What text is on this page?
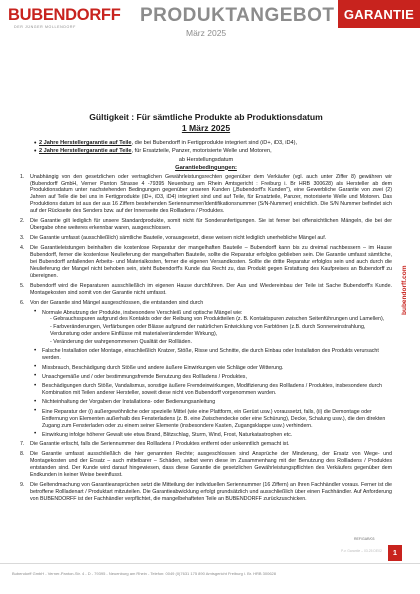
BUBENDORFF
DER JÜNGER MOLLENDORF
PRODUKTANGEBOT
März 2025
GARANTIE
bubendorff.com
Gültigkeit : Für sämtliche Produkte ab Produktionsdatum
1 März 2025
• 2 Jahre Herstellergarantie auf Teile, die bei Bubendorff in Fertigprodukte integriert sind (iD+, iD3, iD4),
• 2 Jahre Herstellergarantie auf Teile, für Ersatzteile, Panzer, motorisierte Welle und Motoren,
ab Herstellungsdatum
Garantiebedingungen:
1.	Unabhängig von den gesetzlichen oder vertraglichen Gewährleistungsrechten gegenüber dem Verkäufer (vgl. auch unter Ziffer 8) gewähren wir (Bubendorff GmbH, Verner Panton Strasse 4 -79395 Neuenburg am Rhein Amtsgericht : Freiburg i. Br HRB 300628) als Hersteller ab dem Produktionsdatum unter nachstehenden Bedingungen gegenüber unseren Kunden („Bubendorff's Kunden"), eine Gewerbliche Garantie von zwei (2) Jahren auf Teile die bei uns in Fertigprodukte (iD+, iD3, iD4) integriert sind und auf Teile, für Ersatzteile, Panzer, motorisierte Welle und Motoren. Das Produktions datum ist aus der aus 16 Ziffern bestehenden Seriennummer/Identifikationsnummer (S/N-Nummer) ersichtlich. Die S/N Nummer befindet sich auf der Rückseite des Senders bzw. auf der Innenseite des Rollladens / Produktes.
2.	Die Garantie gilt lediglich für unsere Standardprodukte, somit nicht für Sonderanfertigungen. Sie ist ferner bei offensichtlichen Mängeln, die bei der Übergabe ohne weiteres erkennbar waren, ausgeschlossen.
3.	Die Garantie umfasst (ausschließlich) sämtliche Bauteile, vorausgesetzt, diese weisen nicht lediglich unerhebliche Mängel auf.
4.	Die Garantieleistungen beinhalten die kostenlose Reparatur der mangelhaften Bauteile – Bubendorff kann bis zu dreimal nachbessern – im Hause Bubendorff, ferner die kostenlose Neulieferung der mangelhaften Bauteile, sollte die Reparatur erfolglos geblieben sein. Die Garantie umfasst sämtliche, bei Bubendorff anfallenden Arbeits- und Materialkosten, ferner die eigenen Versandkosten. Sollte die dritte Reparatur erfolglos sein und auch durch die Neulieferung der Mangel nicht behoben sein, steht Bubendorff's Kunde das Recht zu, das Produkt gegen Erstattung des Kaufpreises an Bubendorff zu übereignen.
5.	Bubendorff wird die Reparaturen ausschließlich im eigenen Hause durchführen. Der Aus und Wiedereinbau der Teile ist Sache Bubendorff's Kunde. Montagekosten sind somit von der Garantie nicht umfasst.
6.	Von der Garantie sind Mängel ausgeschlossen, die entstanden sind durch
• Normale Abnutzung der Produkte, insbesondere Verschleiß und optische Mängel wie:
- Gebrauchsspuren aufgrund des Kontakts oder der Reibung von Produktteilen (z. B. Kontaktspuren zwischen Seitenführungen und Lamellen),
- Farbveränderungen, Verfärbungen oder Blässe aufgrund der natürlichen Entwicklung von Farbtönen (z.B. durch Sonneneinstrahlung, Verdunstung oder andere Einflüsse mit materialverändernder Wirkung),
- Veränderung der wahrgenommenen Qualität der Rollläden.
• Falsche Installation oder Montage, einschließlich Kratzer, Stöße, Risse und Schnitte, die durch Einbau oder Installation des Produkts verursacht werden.
• Missbrauch, Beschädigung durch Stöße und andere äußere Einwirkungen wie Schläge oder Witterung.
• Unsachgemäße und / oder bestimmungsfremde Benutzung des Rollladens / Produktes,
• Beschädigungen durch Stöße, Vandalismus, sonstige äußere Fremdeinwirkungen, Modifizierung des Rollladens / Produktes, insbesondere durch Kombination mit Teilen anderer Hersteller, soweit diese nicht von Bubendorff vorgenommen wurden.
• Nichteinhaltung der Vorgaben der Installations- oder Bedienungsanleitung
• Eine Reparatur der (i) außergewöhnliche oder spezielle Mittel (wie eine Plattform, ein Gerüst usw.) voraussetzt, falls, (ii) die Demontage oder Entfernung von Elementen außerhalb des Fensterladens (z. B. eine Zwischendecke oder eine Schürung), Decke, Schalung usw.), die den direkten Zugang zum Fensterladen oder zu einem seiner Elemente (insbesondere Kasten, Zugangsklappe usw.) verhindern.
• Einwirkung infolge höherer Gewalt wie etwa Brand, Blitzschlag, Sturm, Wind, Frost, Naturkatastrophen etc.
7.	Die Garantie erlischt, falls die Seriennummer des Rollladens / Produktes entfernt oder unkenntlich gemacht ist.
8.	Die Garantie umfasst ausschließlich die hier genannten Rechte; ausgeschlossen sind Ansprüche der Minderung, der Ersatz von Wege- und Montagekosten und der Ersatz – auch mittelbarer – Schäden, selbst wenn diese im Zusammenhang mit der Benutzung des Rollladens / Produktes entstanden sind. Der Kunde wird darauf hingewiesen, dass diese Garantie die gesetzlichen Gewährleistungspflichten des Verkäufers gegenüber dem Endkunden in keiner Weise beeinflusst.
9.	Die Geltendmachung von Garantieansprüchen setzt die Mitteilung der individuellen Seriennummer (16 Ziffern) an Ihren Fachhändler voraus. Ferner ist die betroffene Rollladenart / Produktart mitzuteilen. Die Garantieabwicklung erfolgt grundsätzlich und ausschließlich über einen Fachhändler. Auf Anforderung von BUBENDORFF ist der Fachhändler verpflichtet, die mangelbehafteten Teile an BUBENDORFF zurückzuschicken.
REF/GAR/03
P-n Garantie – 03.25 DE02	1
Bubendorff GmbH - Verner-Panton-Str. 4 - D - 79395 - Neuenburg am Rhein - Telefon: 0049 (0)7631 175 890 Amtsgericht Freiburg i. Br. HRB 300628
